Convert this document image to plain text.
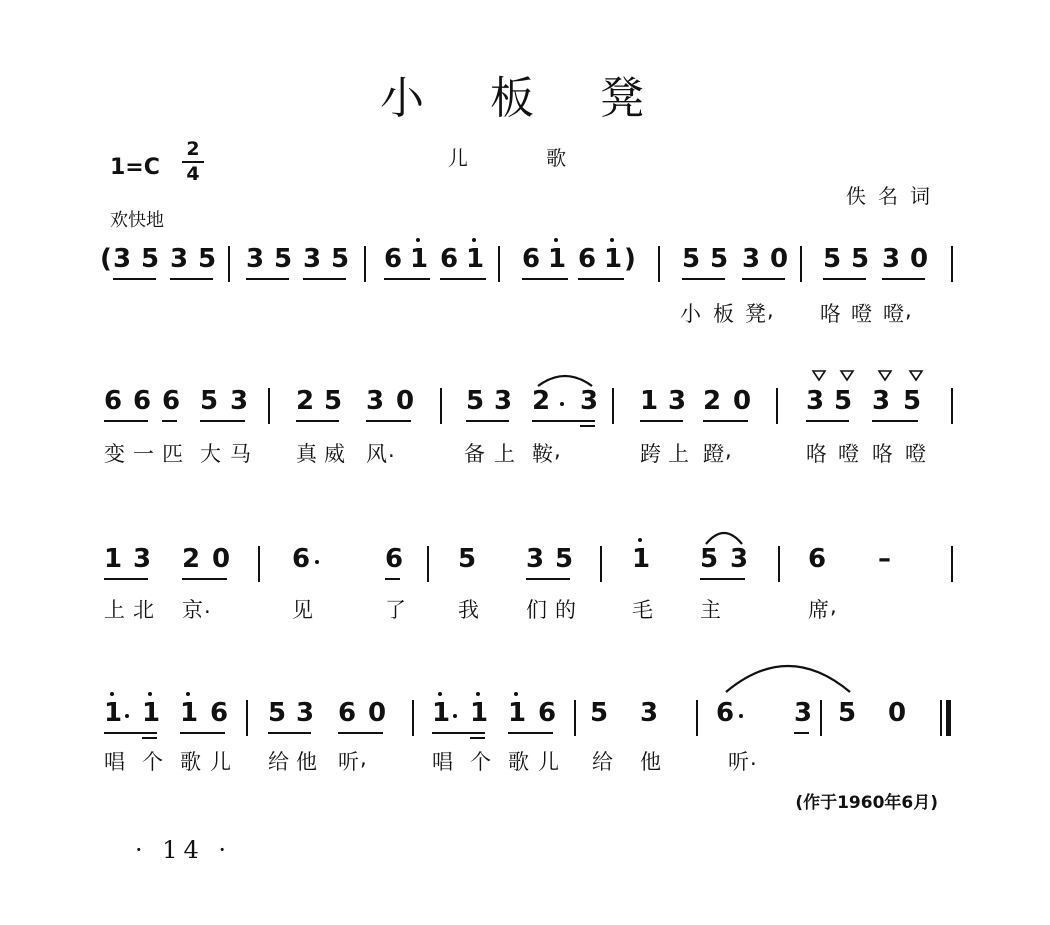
小 板 凳
儿 歌
1=C
2
4
欢快地
佚名词
( 3 5 3 5 3 5 3 5 6 1 6 1 6 1 6 1 ) 5 5 3 0 5 5 3 0
6 6 6 5 3 2 5 3 0 5 3 2 3 1 3 2 0 3 5 3 5
1 3 2 0 6	6 5 3 5 1 5 3 6 –
1 1 1 6 5 3 6 0 1 1 1 6 5 3 6 3 5 0
(作于1960年6月)
· 14 ·
小 板 凳 , 咯 噔 噔 ,
变 一 匹 大 马 真 威 风 .	备 上 鞍 ,	跨 上 蹬 ,	咯 噔 咯 噔
上 北 京 .	见	了 我 们 的	毛 主	席 ,
唱 个 歌 儿 给 他 听 ,	唱 个 歌 儿 给 他	听 .
